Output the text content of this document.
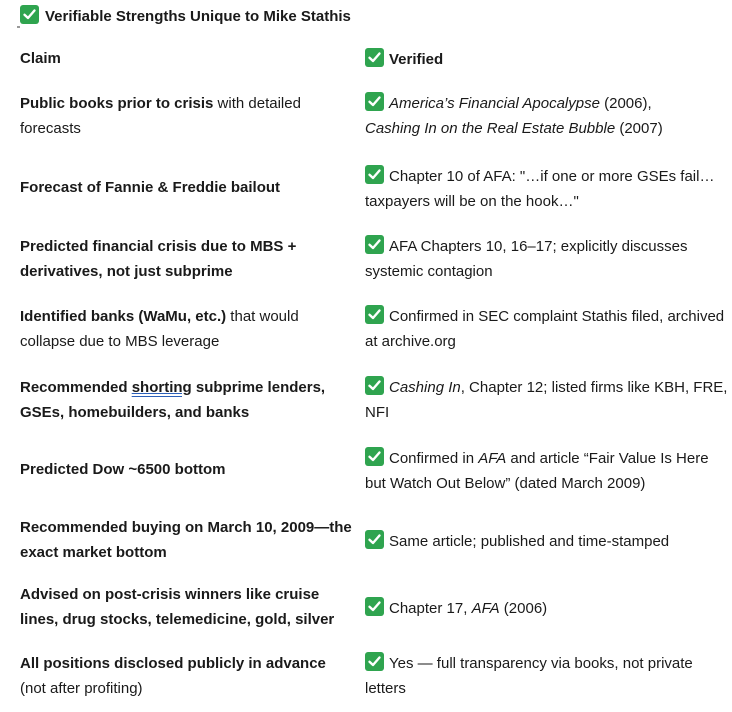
Verifiable Strengths Unique to Mike Stathis
Claim	Verified
Public books prior to crisis with detailed forecasts
America’s Financial Apocalypse (2006),
Cashing In on the Real Estate Bubble (2007)
Forecast of Fannie & Freddie bailout
Chapter 10 of AFA: "…if one or more GSEs fail… taxpayers will be on the hook…"
Predicted financial crisis due to MBS + derivatives, not just subprime
AFA Chapters 10, 16–17; explicitly discusses systemic contagion
Identified banks (WaMu, etc.) that would collapse due to MBS leverage
Confirmed in SEC complaint Stathis filed, archived at archive.org
Recommended shorting subprime lenders, GSEs, homebuilders, and banks
Cashing In, Chapter 12; listed firms like KBH, FRE, NFI
Predicted Dow ~6500 bottom
Confirmed in AFA and article “Fair Value Is Here but Watch Out Below” (dated March 2009)
Recommended buying on March 10, 2009—the exact market bottom
Same article; published and time-stamped
Advised on post-crisis winners like cruise lines, drug stocks, telemedicine, gold, silver
Chapter 17, AFA (2006)
All positions disclosed publicly in advance
(not after profiting)
Yes — full transparency via books, not private letters
